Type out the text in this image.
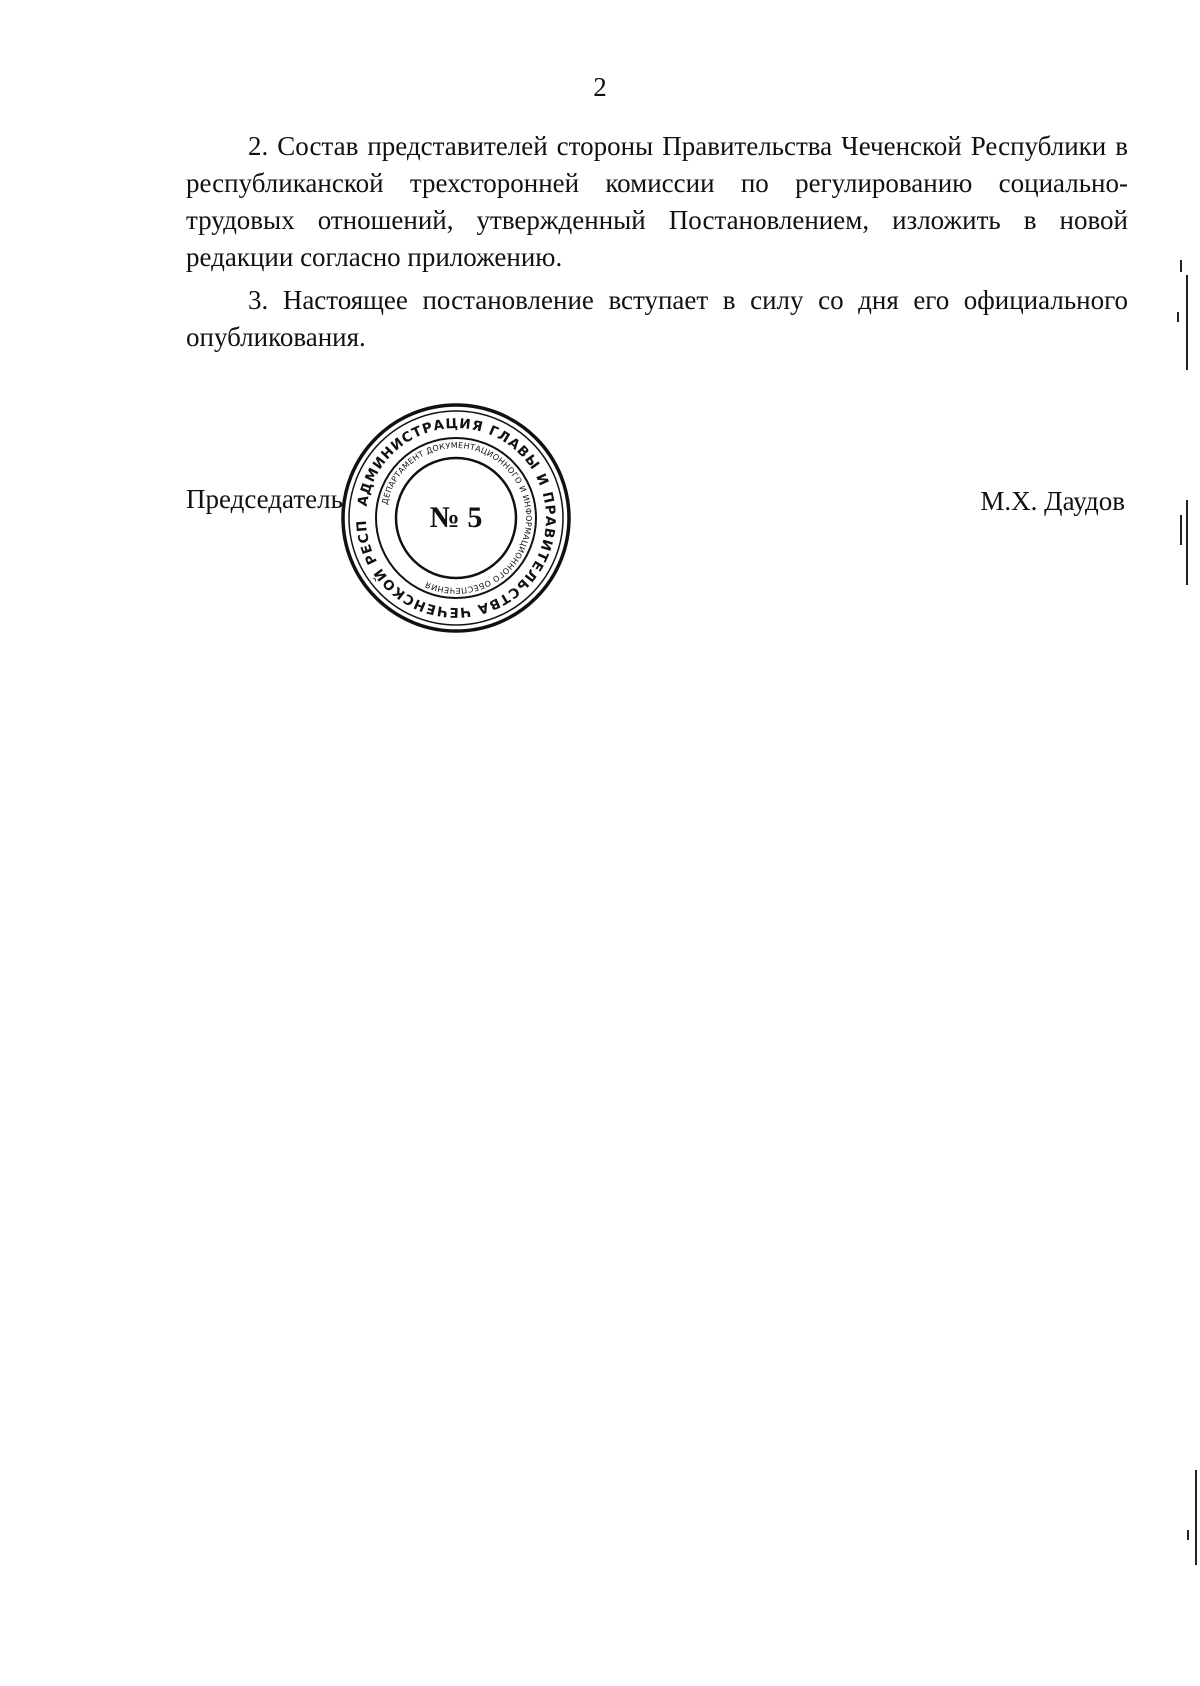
2

2. Состав представителей стороны Правительства Чеченской Республики в республиканской трехсторонней комиссии по регулированию социально-трудовых отношений, утвержденный Постановлением, изложить в новой редакции согласно приложению.

3. Настоящее постановление вступает в силу со дня его официального опубликования.

Председатель	М.Х. Даудов
АДМИНИСТРАЦИЯ ГЛАВЫ И ПРАВИТЕЛЬСТВА ЧЕЧЕНСКОЙ РЕСП
ДЕПАРТАМЕНТ ДОКУМЕНТАЦИОННОГО И ИНФОРМАЦИОННОГО ОБЕСПЕЧЕНИЯ
№ 5
